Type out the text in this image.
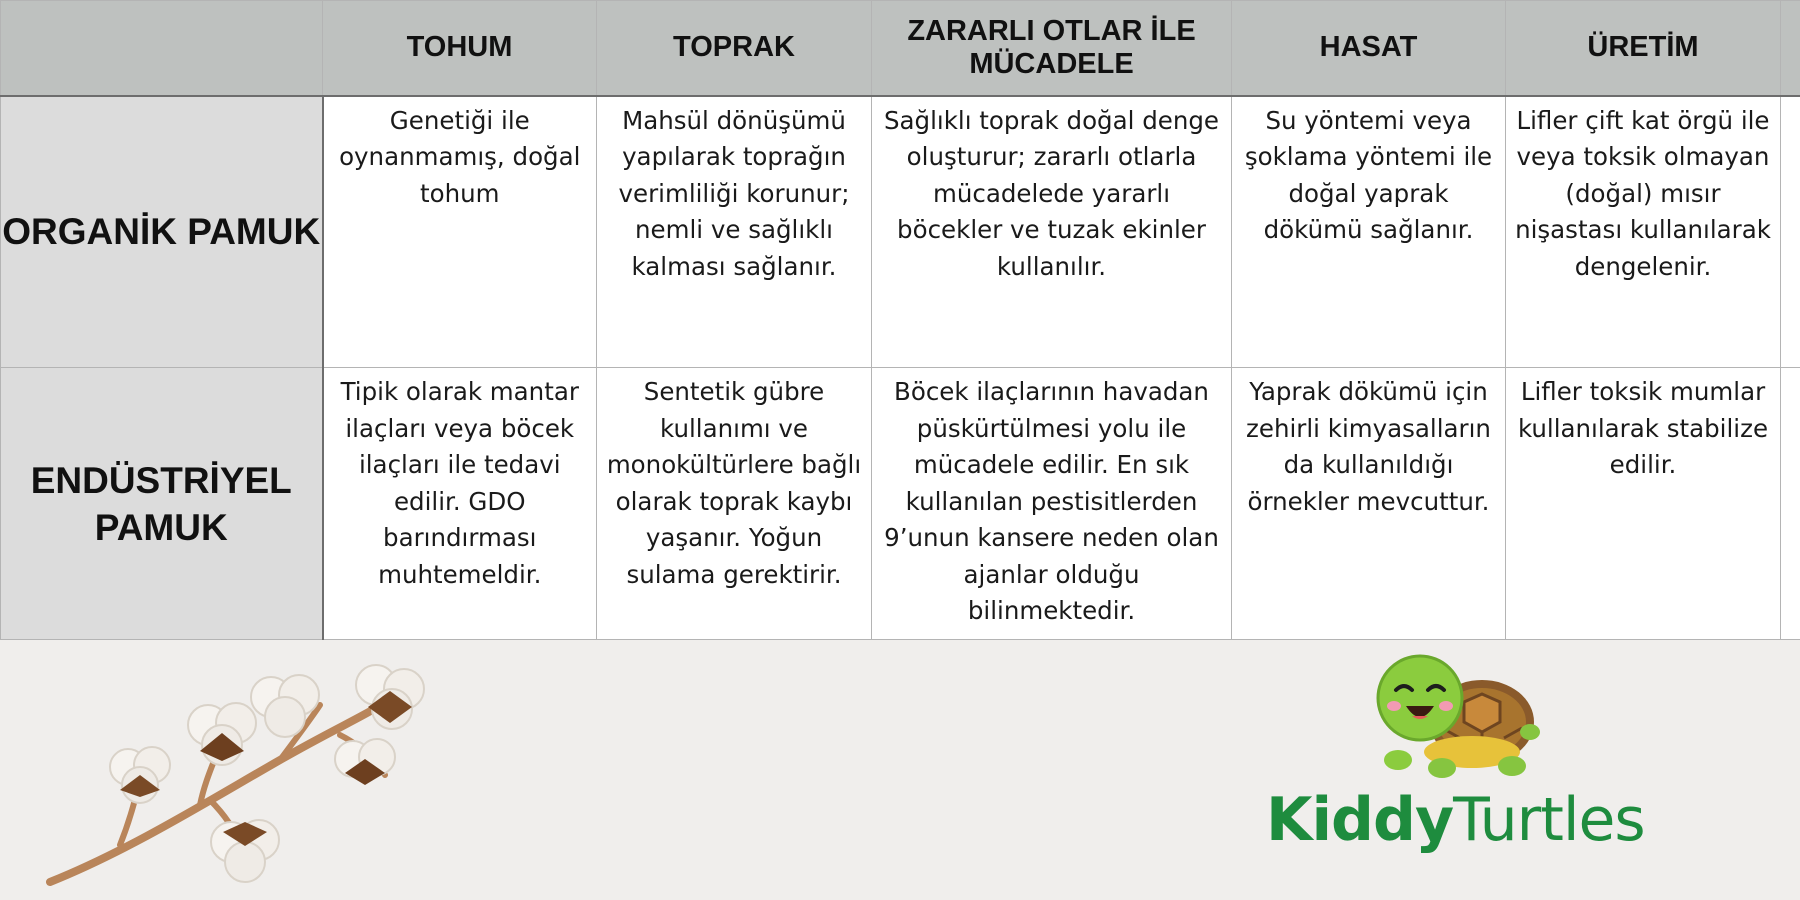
	TOHUM	TOPRAK	ZARARLI OTLAR İLE MÜCADELE	HASAT	ÜRETİM	
ORGANİK PAMUK	Genetiği ile oynanmamış, doğal tohum	Mahsül dönüşümü yapılarak toprağın verimliliği korunur; nemli ve sağlıklı kalması sağlanır.	Sağlıklı toprak doğal denge oluşturur; zararlı otlarla mücadelede yararlı böcekler ve tuzak ekinler kullanılır.	Su yöntemi veya şoklama yöntemi ile doğal yaprak dökümü sağlanır.	Lifler çift kat örgü ile veya toksik olmayan (doğal) mısır nişastası kullanılarak dengelenir.	
ENDÜSTRİYEL PAMUK	Tipik olarak mantar ilaçları veya böcek ilaçları ile tedavi edilir. GDO barındırması muhtemeldir.	Sentetik gübre kullanımı ve monokültürlere bağlı olarak toprak kaybı yaşanır. Yoğun sulama gerektirir.	Böcek ilaçlarının havadan püskürtülmesi yolu ile mücadele edilir. En sık kullanılan pestisitlerden 9’unun kansere neden olan ajanlar olduğu bilinmektedir.	Yaprak dökümü için zehirli kimyasalların da kullanıldığı örnekler mevcuttur.	Lifler toksik mumlar kullanılarak stabilize edilir.	
KiddyTurtles
